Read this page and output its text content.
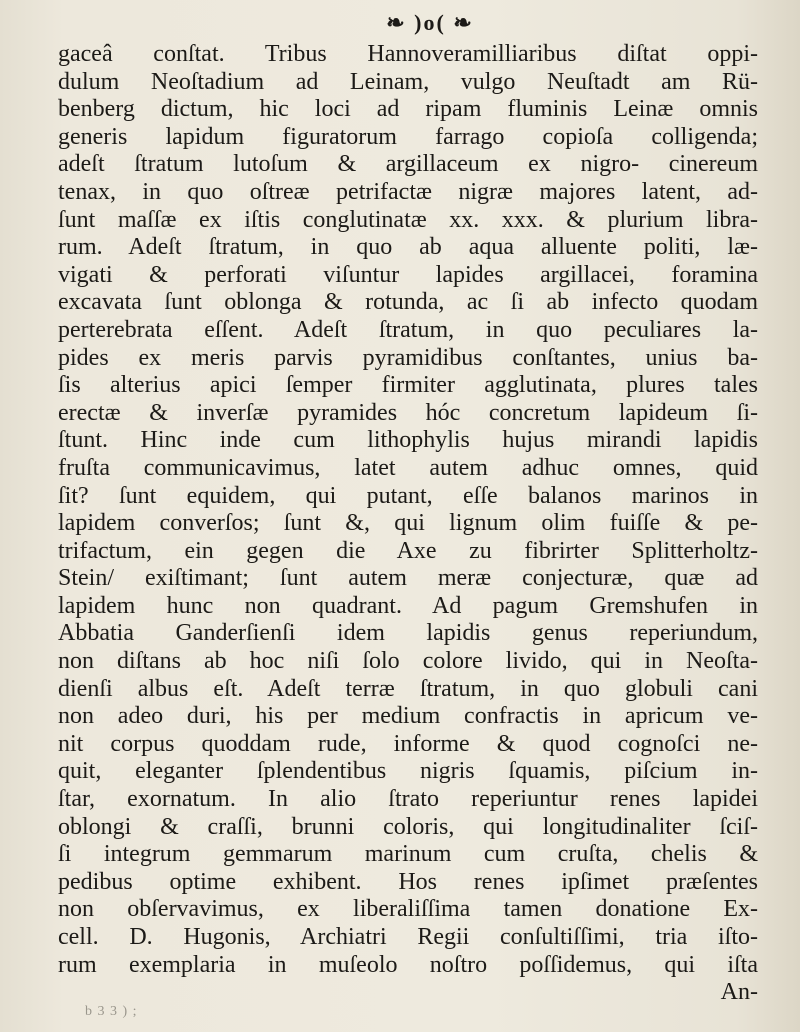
❧ )o( ❧
gaceâ conſtat. Tribus Hannoveramilliaribus diſtat oppi-
dulum Neoſtadium ad Leinam, vulgo Neuſtadt am Rü-
benberg dictum, hic loci ad ripam fluminis Leinæ omnis
generis lapidum figuratorum farrago copioſa colligenda;
adeſt ſtratum lutoſum & argillaceum ex nigro- cinereum
tenax, in quo oſtreæ petrifactæ nigræ majores latent, ad-
ſunt maſſæ ex iſtis conglutinatæ xx. xxx. & plurium libra-
rum. Adeſt ſtratum, in quo ab aqua alluente politi, læ-
vigati & perforati viſuntur lapides argillacei, foramina
excavata ſunt oblonga & rotunda, ac ſi ab infecto quodam
perterebrata eſſent. Adeſt ſtratum, in quo peculiares la-
pides ex meris parvis pyramidibus conſtantes, unius ba-
ſis alterius apici ſemper firmiter agglutinata, plures tales
erectæ & inverſæ pyramides hóc concretum lapideum ſi-
ſtunt. Hinc inde cum lithophylis hujus mirandi lapidis
fruſta communicavimus, latet autem adhuc omnes, quid
ſit? ſunt equidem, qui putant, eſſe balanos marinos in
lapidem converſos; ſunt &, qui lignum olim fuiſſe & pe-
trifactum, ein gegen die Axe zu fibrirter Splitterholtz-
Stein/ exiſtimant; ſunt autem meræ conjecturæ, quæ ad
lapidem hunc non quadrant. Ad pagum Gremshufen in
Abbatia Ganderſienſi idem lapidis genus reperiundum,
non diſtans ab hoc niſi ſolo colore livido, qui in Neoſta-
dienſi albus eſt. Adeſt terræ ſtratum, in quo globuli cani
non adeo duri, his per medium confractis in apricum ve-
nit corpus quoddam rude, informe & quod cognoſci ne-
quit, eleganter ſplendentibus nigris ſquamis, piſcium in-
ſtar, exornatum. In alio ſtrato reperiuntur renes lapidei
oblongi & craſſi, brunni coloris, qui longitudinaliter ſciſ-
ſi integrum gemmarum marinum cum cruſta, chelis &
pedibus optime exhibent. Hos renes ipſimet præſentes
non obſervavimus, ex liberaliſſima tamen donatione Ex-
cell. D. Hugonis, Archiatri Regii conſultiſſimi, tria iſto-
rum exemplaria in muſeolo noſtro poſſidemus, qui iſta
An-
b 3 3 ) ;
